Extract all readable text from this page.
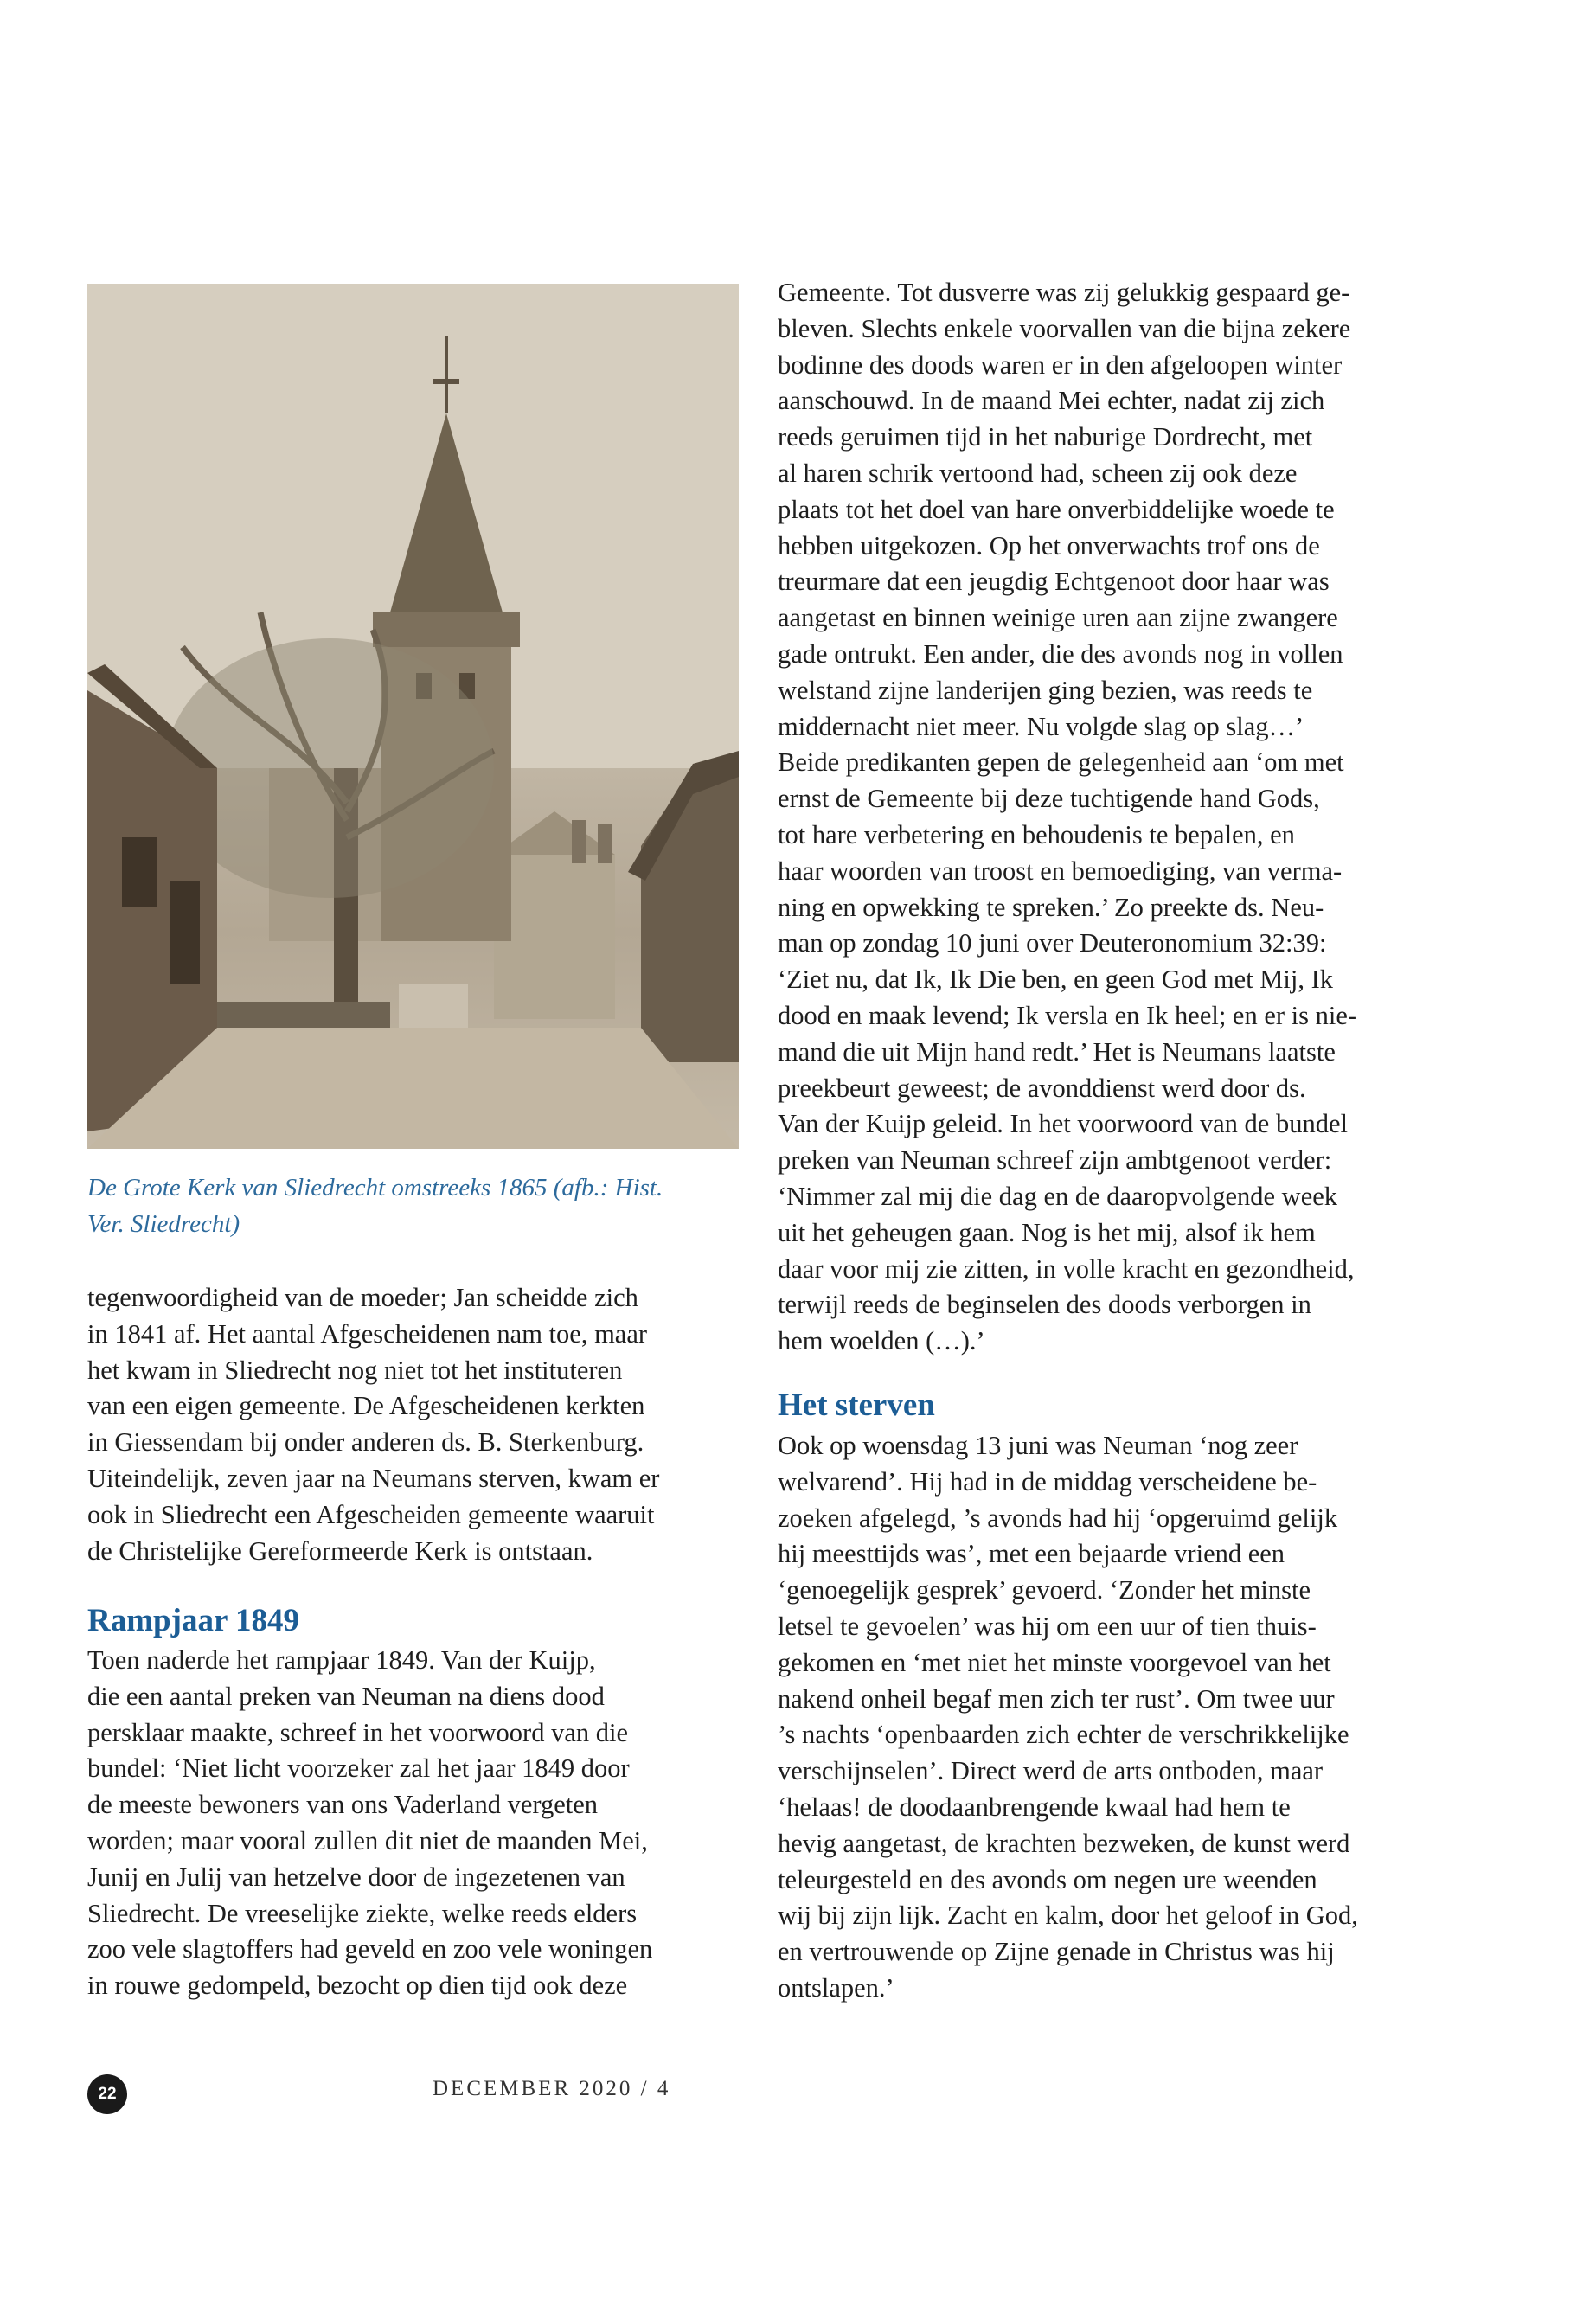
De Grote Kerk van Sliedrecht omstreeks 1865 (afb.: Hist.
Ver. Sliedrecht)

tegenwoordigheid van de moeder; Jan scheidde zich

in 1841 af. Het aantal Afgescheidenen nam toe, maar

het kwam in Sliedrecht nog niet tot het instituteren

van een eigen gemeente. De Afgescheidenen kerkten

in Giessendam bij onder anderen ds. B. Sterkenburg.

Uiteindelijk, zeven jaar na Neumans sterven, kwam er

ook in Sliedrecht een Afgescheiden gemeente waaruit

de Christelijke Gereformeerde Kerk is ontstaan.

Rampjaar 1849

Toen naderde het rampjaar 1849. Van der Kuijp,

die een aantal preken van Neuman na diens dood

persklaar maakte, schreef in het voorwoord van die

bundel: ‘Niet licht voorzeker zal het jaar 1849 door

de meeste bewoners van ons Vaderland vergeten

worden; maar vooral zullen dit niet de maanden Mei,

Junij en Julij van hetzelve door de ingezetenen van

Sliedrecht. De vreeselijke ziekte, welke reeds elders

zoo vele slagtoffers had geveld en zoo vele woningen

in rouwe gedompeld, bezocht op dien tijd ook deze

Gemeente. Tot dusverre was zij gelukkig gespaard ge-

bleven. Slechts enkele voorvallen van die bijna zekere

bodinne des doods waren er in den afgeloopen winter

aanschouwd. In de maand Mei echter, nadat zij zich

reeds geruimen tijd in het naburige Dordrecht, met

al haren schrik vertoond had, scheen zij ook deze

plaats tot het doel van hare onverbiddelijke woede te

hebben uitgekozen. Op het onverwachts trof ons de

treurmare dat een jeugdig Echtgenoot door haar was

aangetast en binnen weinige uren aan zijne zwangere

gade ontrukt. Een ander, die des avonds nog in vollen

welstand zijne landerijen ging bezien, was reeds te

middernacht niet meer. Nu volgde slag op slag…’

Beide predikanten gepen de gelegenheid aan ‘om met

ernst de Gemeente bij deze tuchtigende hand Gods,

tot hare verbetering en behoudenis te bepalen, en

haar woorden van troost en bemoediging, van verma-

ning en opwekking te spreken.’ Zo preekte ds. Neu-

man op zondag 10 juni over Deuteronomium 32:39:

‘Ziet nu, dat Ik, Ik Die ben, en geen God met Mij, Ik

dood en maak levend; Ik versla en Ik heel; en er is nie-

mand die uit Mijn hand redt.’ Het is Neumans laatste

preekbeurt geweest; de avonddienst werd door ds.

Van der Kuijp geleid. In het voorwoord van de bundel

preken van Neuman schreef zijn ambtgenoot verder:

‘Nimmer zal mij die dag en de daaropvolgende week

uit het geheugen gaan. Nog is het mij, alsof ik hem

daar voor mij zie zitten, in volle kracht en gezondheid,

terwijl reeds de beginselen des doods verborgen in

hem woelden (…).’

Het sterven

Ook op woensdag 13 juni was Neuman ‘nog zeer

welvarend’. Hij had in de middag verscheidene be-

zoeken afgelegd, ’s avonds had hij ‘opgeruimd gelijk

hij meesttijds was’, met een bejaarde vriend een

‘genoegelijk gesprek’ gevoerd. ‘Zonder het minste

letsel te gevoelen’ was hij om een uur of tien thuis-

gekomen en ‘met niet het minste voorgevoel van het

nakend onheil begaf men zich ter rust’. Om twee uur

’s nachts ‘openbaarden zich echter de verschrikkelijke

verschijnselen’. Direct werd de arts ontboden, maar

‘helaas! de doodaanbrengende kwaal had hem te

hevig aangetast, de krachten bezweken, de kunst werd

teleurgesteld en des avonds om negen ure weenden

wij bij zijn lijk. Zacht en kalm, door het geloof in God,

en vertrouwende op Zijne genade in Christus was hij

ontslapen.’

22	DECEMBER 2020 / 4
